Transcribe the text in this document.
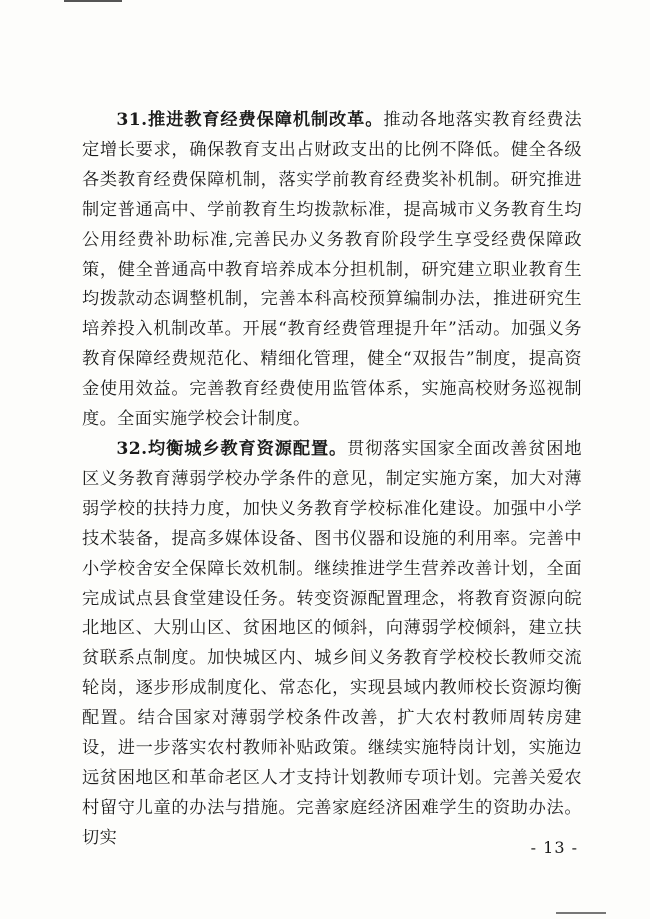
31.推进教育经费保障机制改革。推动各地落实教育经费法定增长要求，确保教育支出占财政支出的比例不降低。健全各级各类教育经费保障机制，落实学前教育经费奖补机制。研究推进制定普通高中、学前教育生均拨款标准，提高城市义务教育生均公用经费补助标准,完善民办义务教育阶段学生享受经费保障政策，健全普通高中教育培养成本分担机制，研究建立职业教育生均拨款动态调整机制，完善本科高校预算编制办法，推进研究生培养投入机制改革。开展“教育经费管理提升年”活动。加强义务教育保障经费规范化、精细化管理，健全“双报告”制度，提高资金使用效益。完善教育经费使用监管体系，实施高校财务巡视制度。全面实施学校会计制度。

32.均衡城乡教育资源配置。贯彻落实国家全面改善贫困地区义务教育薄弱学校办学条件的意见，制定实施方案，加大对薄弱学校的扶持力度，加快义务教育学校标准化建设。加强中小学技术装备，提高多媒体设备、图书仪器和设施的利用率。完善中小学校舍安全保障长效机制。继续推进学生营养改善计划，全面完成试点县食堂建设任务。转变资源配置理念，将教育资源向皖北地区、大别山区、贫困地区的倾斜，向薄弱学校倾斜，建立扶贫联系点制度。加快城区内、城乡间义务教育学校校长教师交流轮岗，逐步形成制度化、常态化，实现县域内教师校长资源均衡配置。结合国家对薄弱学校条件改善，扩大农村教师周转房建设，进一步落实农村教师补贴政策。继续实施特岗计划，实施边远贫困地区和革命老区人才支持计划教师专项计划。完善关爱农村留守儿童的办法与措施。完善家庭经济困难学生的资助办法。切实	- 13 -
